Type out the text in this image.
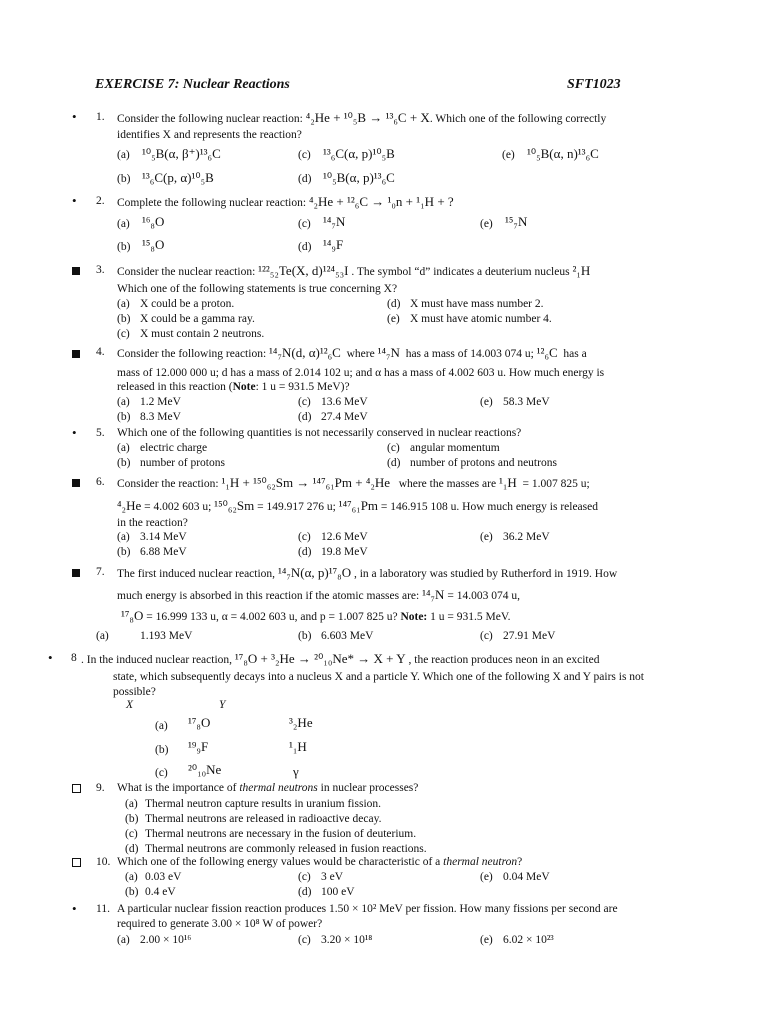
EXERCISE 7: Nuclear Reactions	SFT1023
• 1. Consider the following nuclear reaction: ⁴₂He + ¹⁰₅B → ¹³₆C + X. Which one of the following correctly
identifies X and represents the reaction?
(a) ¹⁰₅B(α, β⁺)¹³₆C	(c) ¹³₆C(α, p)¹⁰₅B	(e) ¹⁰₅B(α, n)¹³₆C
(b) ¹³₆C(p, α)¹⁰₅B	(d) ¹⁰₅B(α, p)¹³₆C
• 2. Complete the following nuclear reaction: ⁴₂He + ¹²₆C → ¹₀n + ¹₁H + ?
(a) ¹⁶₈O	(c) ¹⁴₇N	(e) ¹⁵₇N
(b) ¹⁵₈O	(d) ¹⁴₉F
3. Consider the nuclear reaction: ¹²²₅₂Te(X, d)¹²⁴₅₃I . The symbol “d” indicates a deuterium nucleus ²₁H
Which one of the following statements is true concerning X?
(a) X could be a proton.	(d) X must have mass number 2.
(b) X could be a gamma ray.	(e) X must have atomic number 4.
(c) X must contain 2 neutrons.
4. Consider the following reaction: ¹⁴₇N(d, α)¹²₆C where ¹⁴₇N has a mass of 14.003 074 u; ¹²₆C has a
mass of 12.000 000 u; d has a mass of 2.014 102 u; and α has a mass of 4.002 603 u. How much energy is
released in this reaction (Note: 1 u = 931.5 MeV)?
(a) 1.2 MeV	(c) 13.6 MeV	(e) 58.3 MeV
(b) 8.3 MeV	(d) 27.4 MeV
• 5. Which one of the following quantities is not necessarily conserved in nuclear reactions?
(a) electric charge	(c) angular momentum
(b) number of protons	(d) number of protons and neutrons
6. Consider the reaction: ¹₁H + ¹⁵⁰₆₂Sm → ¹⁴⁷₆₁Pm + ⁴₂He where the masses are ¹₁H = 1.007 825 u;
⁴₂He = 4.002 603 u; ¹⁵⁰₆₂Sm = 149.917 276 u; ¹⁴⁷₆₁Pm = 146.915 108 u. How much energy is released
in the reaction?
(a) 3.14 MeV	(c) 12.6 MeV	(e) 36.2 MeV
(b) 6.88 MeV	(d) 19.8 MeV
7. The first induced nuclear reaction, ¹⁴₇N(α, p)¹⁷₈O , in a laboratory was studied by Rutherford in 1919. How
much energy is absorbed in this reaction if the atomic masses are: ¹⁴₇N = 14.003 074 u,
¹⁷₈O = 16.999 133 u, α = 4.002 603 u, and p = 1.007 825 u? Note: 1 u = 931.5 MeV.
(a)	1.193 MeV	(b) 6.603 MeV	(c) 27.91 MeV
• 8 . In the induced nuclear reaction, ¹⁷₈O + ³₂He → ²⁰₁₀Ne* → X + Y , the reaction produces neon in an excited
state, which subsequently decays into a nucleus X and a particle Y. Which one of the following X and Y pairs is not
possible?
X	Y
(a) ¹⁷₈O	³₂He
(b) ¹⁹₉F	¹₁H
(c) ²⁰₁₀Ne	γ
9. What is the importance of thermal neutrons in nuclear processes?
(a) Thermal neutron capture results in uranium fission.
(b) Thermal neutrons are released in radioactive decay.
(c) Thermal neutrons are necessary in the fusion of deuterium.
(d) Thermal neutrons are commonly released in fusion reactions.
10. Which one of the following energy values would be characteristic of a thermal neutron?
(a) 0.03 eV	(c) 3 eV	(e) 0.04 MeV
(b) 0.4 eV	(d) 100 eV
• 11. A particular nuclear fission reaction produces 1.50 × 10² MeV per fission. How many fissions per second are
required to generate 3.00 × 10⁸ W of power?
(a) 2.00 × 10¹⁶	(c) 3.20 × 10¹⁸	(e) 6.02 × 10²³
